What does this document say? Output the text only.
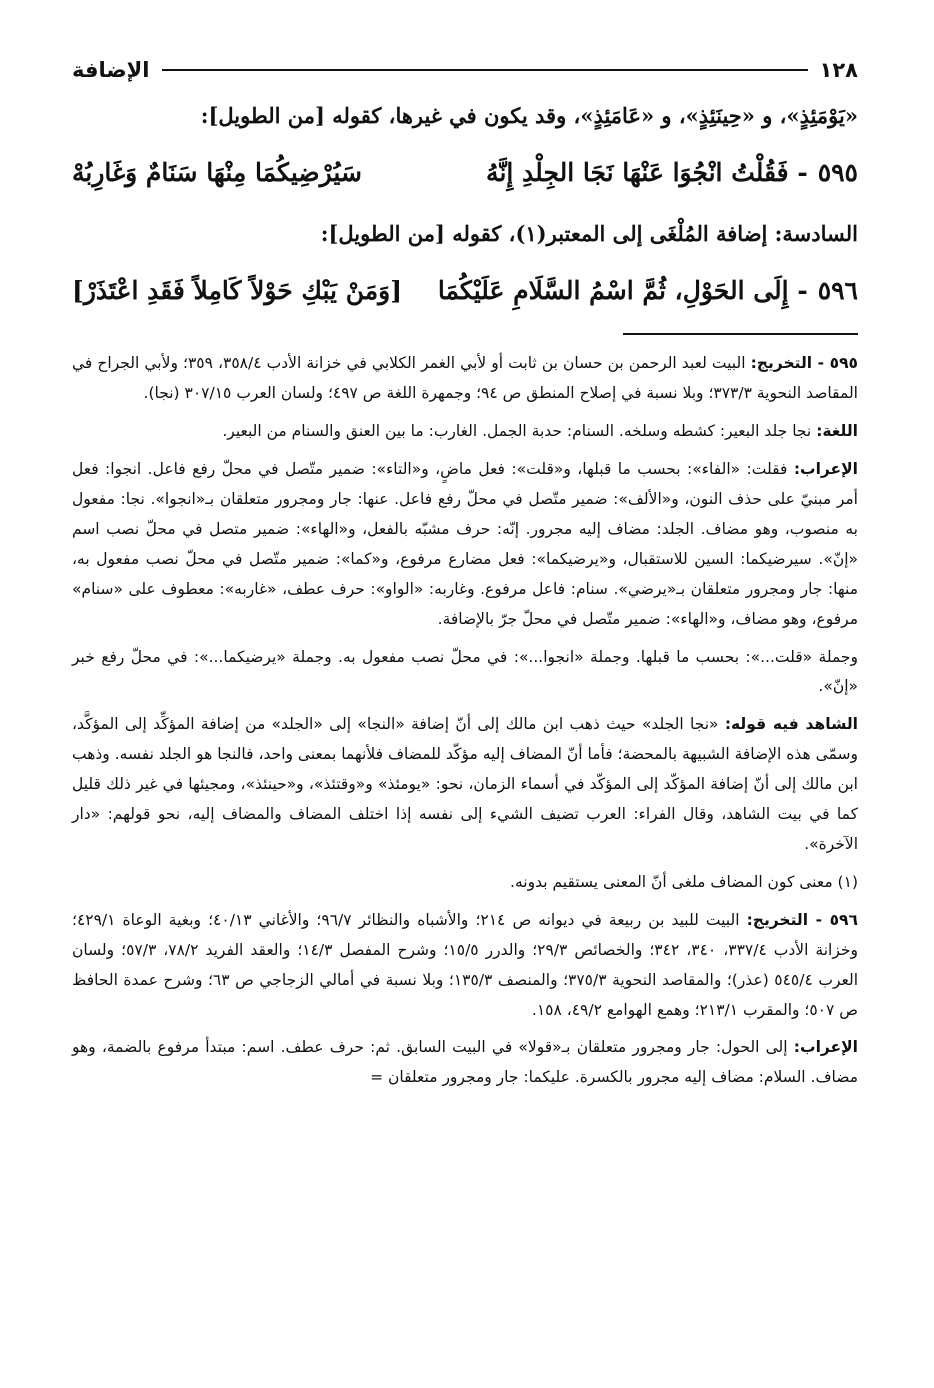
١٢٨
الإضافة

«يَوْمَئِذٍ»، و «حِينَئِذٍ»، و «عَامَئِذٍ»، وقد يكون في غيرها، كقوله [من الطويل]:

٥٩٥
- فَقُلْتُ انْجُوَا عَنْهَا نَجَا الجِلْدِ إِنَّهُ
سَيُرْضِيكُمَا مِنْهَا سَنَامٌ وَغَارِبُهْ

السادسة: إضافة المُلْغَى إلى المعتبر(١)، كقوله [من الطويل]:

٥٩٦
- إِلَى الحَوْلِ، ثُمَّ اسْمُ السَّلَامِ عَلَيْكُمَا
[وَمَنْ يَبْكِ حَوْلاً كَامِلاً فَقَدِ اعْتَذَرْ]

٥٩٥ - التخريج: البيت لعبد الرحمن بن حسان بن ثابت أو لأبي الغمر الكلابي في خزانة الأدب ٣٥٨/٤، ٣٥٩؛ ولأبي الجراح في المقاصد النحوية ٣٧٣/٣؛ وبلا نسبة في إصلاح المنطق ص ٩٤؛ وجمهرة اللغة ص ٤٩٧؛ ولسان العرب ٣٠٧/١٥ (نجا).

اللغة: نجا جلد البعير: كشطه وسلخه. السنام: حدبة الجمل. الغارب: ما بين العنق والسنام من البعير.

الإعراب: فقلت: «الفاء»: بحسب ما قبلها، و«قلت»: فعل ماضٍ، و«التاء»: ضمير متّصل في محلّ رفع فاعل. انجوا: فعل أمر مبنيّ على حذف النون، و«الألف»: ضمير متّصل في محلّ رفع فاعل. عنها: جار ومجرور متعلقان بـ«انجوا». نجا: مفعول به منصوب، وهو مضاف. الجلد: مضاف إليه مجرور. إنّه: حرف مشبّه بالفعل، و«الهاء»: ضمير متصل في محلّ نصب اسم «إنّ». سيرضيكما: السين للاستقبال، و«يرضيكما»: فعل مضارع مرفوع، و«كما»: ضمير متّصل في محلّ نصب مفعول به، منها: جار ومجرور متعلقان بـ«يرضي». سنام: فاعل مرفوع. وغاربه: «الواو»: حرف عطف، «غاربه»: معطوف على «سنام» مرفوع، وهو مضاف، و«الهاء»: ضمير متّصل في محلّ جرّ بالإضافة.

وجملة «قلت...»: بحسب ما قبلها. وجملة «انجوا...»: في محلّ نصب مفعول به. وجملة «يرضيكما...»: في محلّ رفع خبر «إنّ».

الشاهد فيه قوله: «نجا الجلد» حيث ذهب ابن مالك إلى أنّ إضافة «النجا» إلى «الجلد» من إضافة المؤكِّد إلى المؤكَّد، وسمّى هذه الإضافة الشبيهة بالمحضة؛ فأما أنّ المضاف إليه مؤكّد للمضاف فلأنهما بمعنى واحد، فالنجا هو الجلد نفسه. وذهب ابن مالك إلى أنّ إضافة المؤكّد إلى المؤكّد في أسماء الزمان، نحو: «يومئذ» و«وقتئذ»، و«حينئذ»، ومجيئها في غير ذلك قليل كما في بيت الشاهد، وقال الفراء: العرب تضيف الشيء إلى نفسه إذا اختلف المضاف والمضاف إليه، نحو قولهم: «دار الآخرة».

(١) معنى كون المضاف ملغى أنّ المعنى يستقيم بدونه.

٥٩٦ - التخريج: البيت للبيد بن ربيعة في ديوانه ص ٢١٤؛ والأشباه والنظائر ٩٦/٧؛ والأغاني ٤٠/١٣؛ وبغية الوعاة ٤٢٩/١؛ وخزانة الأدب ٣٣٧/٤، ٣٤٠، ٣٤٢؛ والخصائص ٢٩/٣؛ والدرر ١٥/٥؛ وشرح المفصل ١٤/٣؛ والعقد الفريد ٧٨/٢، ٥٧/٣؛ ولسان العرب ٥٤٥/٤ (عذر)؛ والمقاصد النحوية ٣٧٥/٣؛ والمنصف ١٣٥/٣؛ وبلا نسبة في أمالي الزجاجي ص ٦٣؛ وشرح عمدة الحافظ ص ٥٠٧؛ والمقرب ٢١٣/١؛ وهمع الهوامع ٤٩/٢، ١٥٨.

الإعراب: إلى الحول: جار ومجرور متعلقان بـ«قولا» في البيت السابق. ثم: حرف عطف. اسم: مبتدأ مرفوع بالضمة، وهو مضاف. السلام: مضاف إليه مجرور بالكسرة. عليكما: جار ومجرور متعلقان =
